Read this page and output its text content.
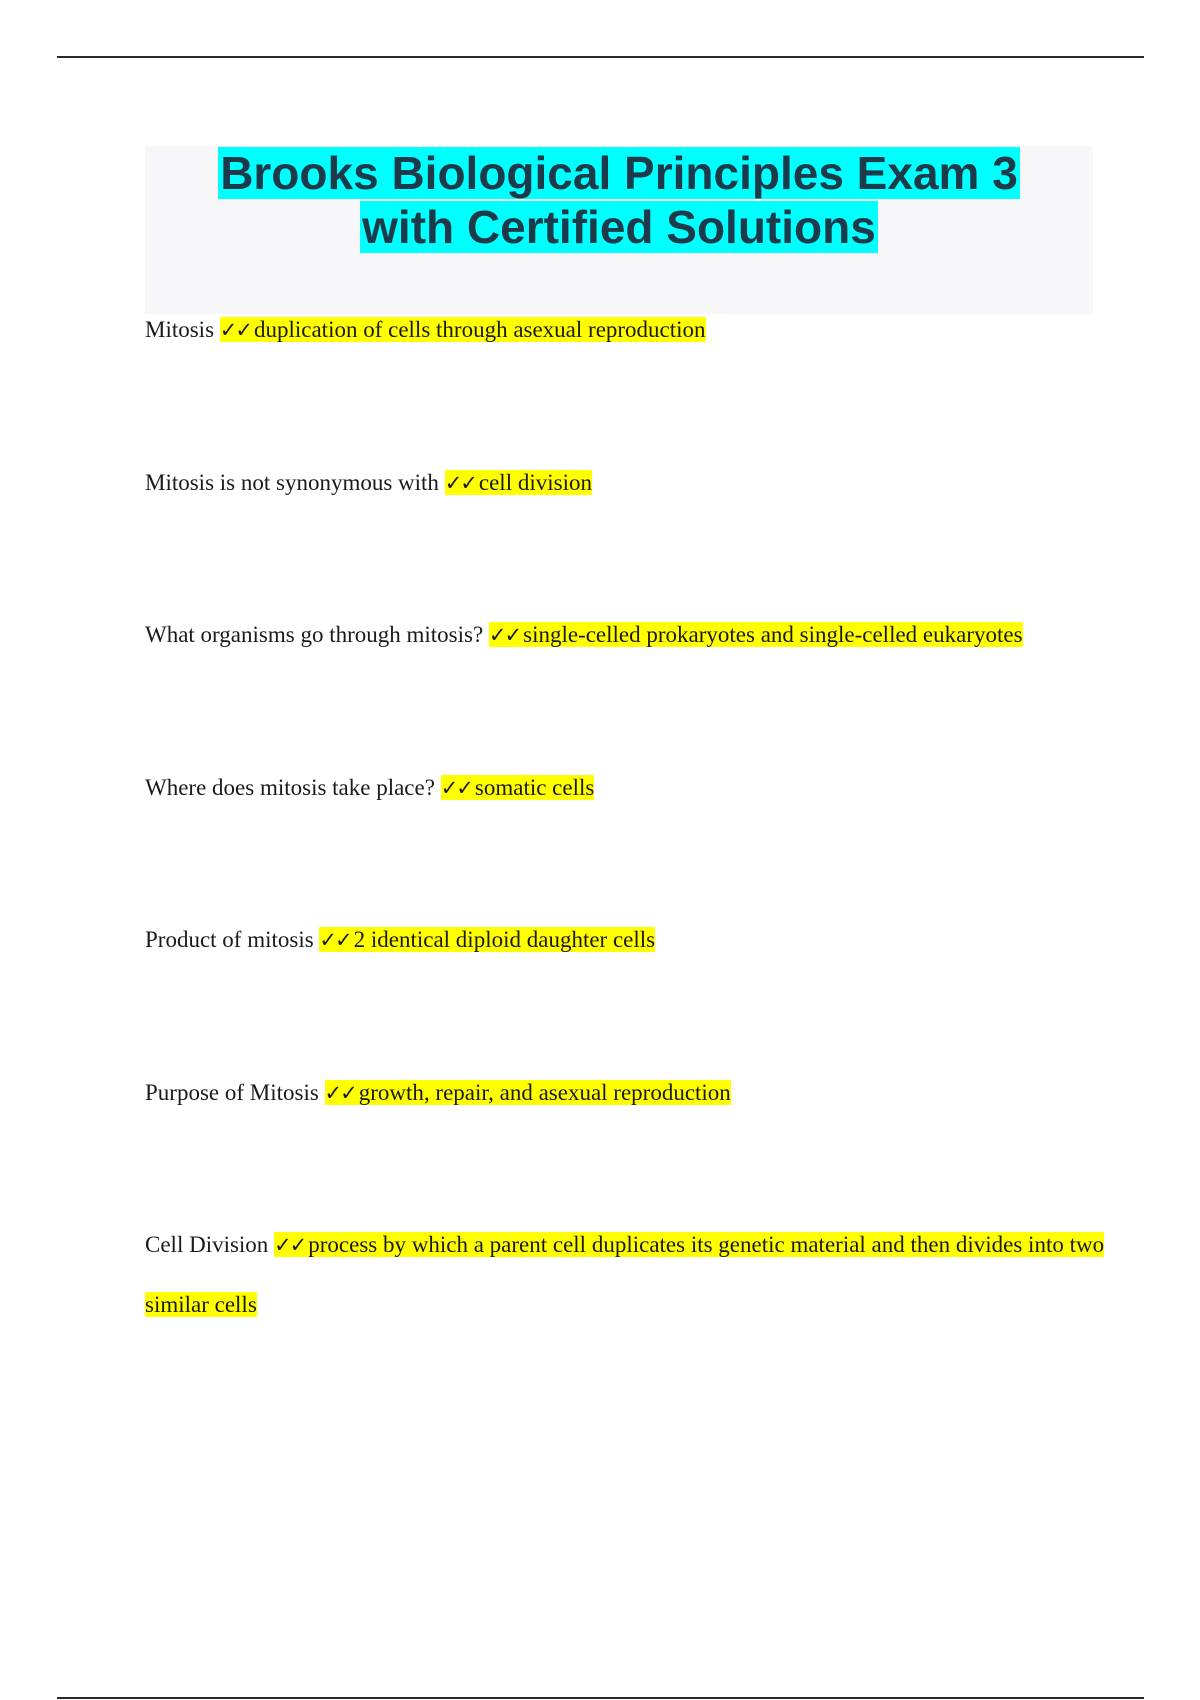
Brooks Biological Principles Exam 3
with Certified Solutions

Mitosis ✓✓ duplication of cells through asexual reproduction

Mitosis is not synonymous with ✓✓ cell division

What organisms go through mitosis? ✓✓ single-celled prokaryotes and single-celled eukaryotes

Where does mitosis take place? ✓✓ somatic cells

Product of mitosis ✓✓ 2 identical diploid daughter cells

Purpose of Mitosis ✓✓ growth, repair, and asexual reproduction

Cell Division ✓✓ process by which a parent cell duplicates its genetic material and then divides into two similar cells
